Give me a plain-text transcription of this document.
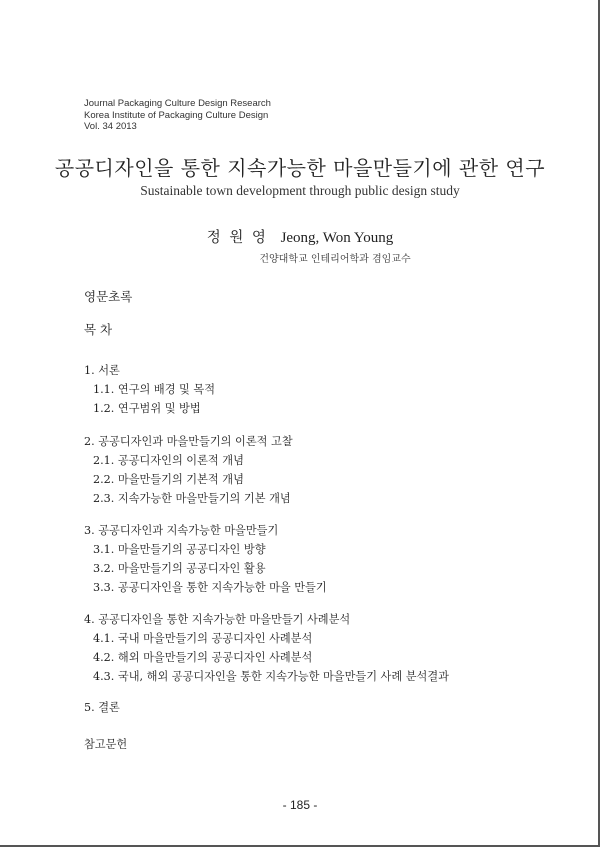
Journal Packaging Culture Design Research
Korea Institute of Packaging Culture Design
Vol. 34 2013
공공디자인을 통한 지속가능한 마을만들기에 관한 연구
Sustainable town development through public design study
정 원 영 Jeong, Won Young
건양대학교 인테리어학과 겸임교수
영문초록
목 차
1. 서론
1.1. 연구의 배경 및 목적
1.2. 연구범위 및 방법
2. 공공디자인과 마을만들기의 이론적 고찰
2.1. 공공디자인의 이론적 개념
2.2. 마을만들기의 기본적 개념
2.3. 지속가능한 마을만들기의 기본 개념
3. 공공디자인과 지속가능한 마을만들기
3.1. 마을만들기의 공공디자인 방향
3.2. 마을만들기의 공공디자인 활용
3.3. 공공디자인을 통한 지속가능한 마을 만들기
4. 공공디자인을 통한 지속가능한 마을만들기 사례분석
4.1. 국내 마을만들기의 공공디자인 사례분석
4.2. 해외 마을만들기의 공공디자인 사례분석
4.3. 국내, 해외 공공디자인을 통한 지속가능한 마을만들기 사례 분석결과
5. 결론
참고문헌
- 185 -
